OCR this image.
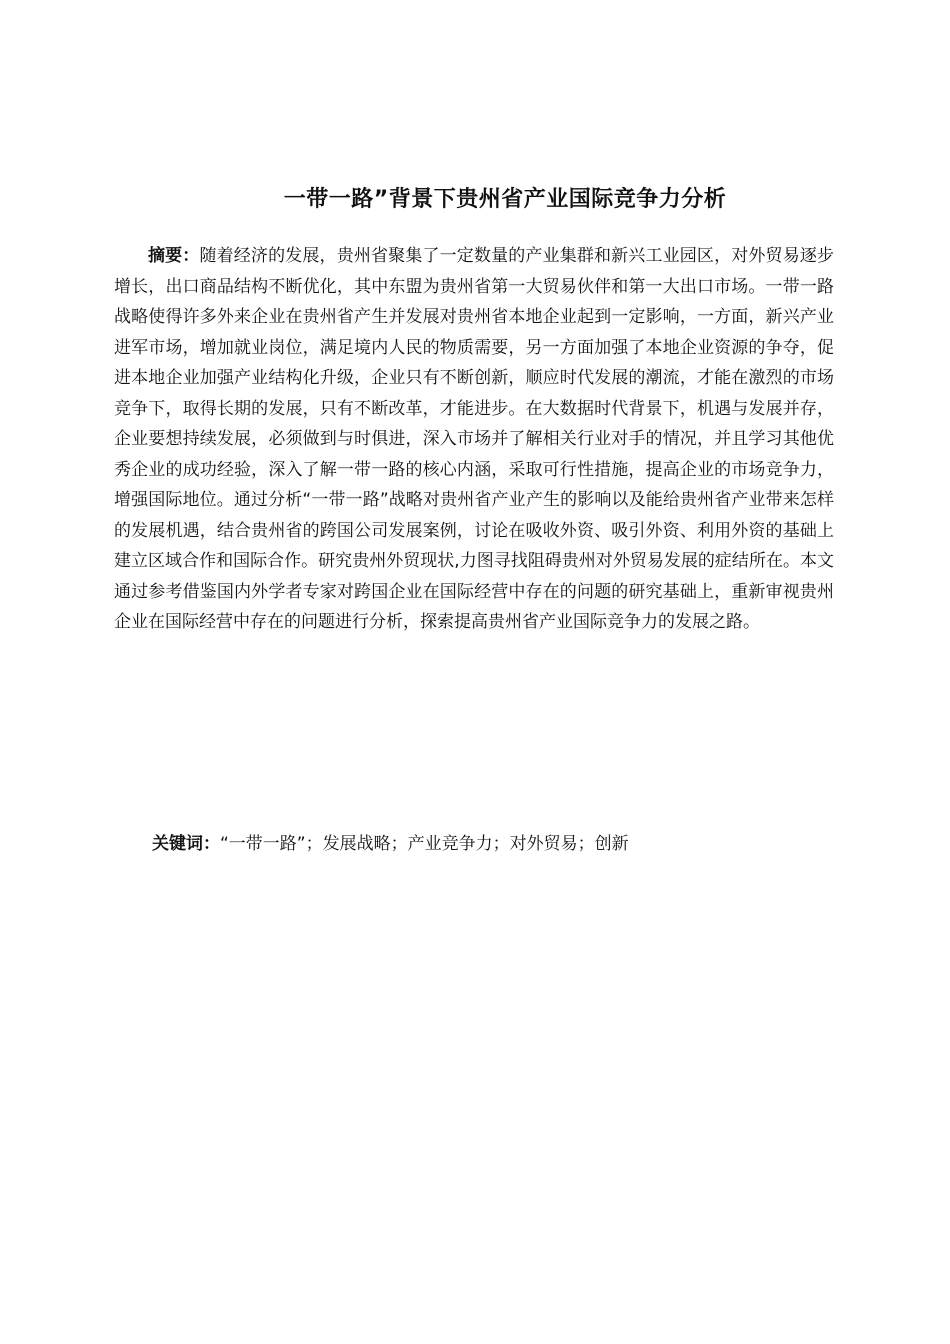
一带一路”背景下贵州省产业国际竞争力分析

摘要：随着经济的发展，贵州省聚集了一定数量的产业集群和新兴工业园区，对外贸易逐步增长，出口商品结构不断优化，其中东盟为贵州省第一大贸易伙伴和第一大出口市场。一带一路战略使得许多外来企业在贵州省产生并发展对贵州省本地企业起到一定影响，一方面，新兴产业进军市场，增加就业岗位，满足境内人民的物质需要，另一方面加强了本地企业资源的争夺，促进本地企业加强产业结构化升级，企业只有不断创新，顺应时代发展的潮流，才能在激烈的市场竞争下，取得长期的发展，只有不断改革，才能进步。在大数据时代背景下，机遇与发展并存，企业要想持续发展，必须做到与时俱进，深入市场并了解相关行业对手的情况，并且学习其他优秀企业的成功经验，深入了解一带一路的核心内涵，采取可行性措施，提高企业的市场竞争力，增强国际地位。通过分析“一带一路”战略对贵州省产业产生的影响以及能给贵州省产业带来怎样的发展机遇，结合贵州省的跨国公司发展案例，讨论在吸收外资、吸引外资、利用外资的基础上建立区域合作和国际合作。研究贵州外贸现状,力图寻找阻碍贵州对外贸易发展的症结所在。本文通过参考借鉴国内外学者专家对跨国企业在国际经营中存在的问题的研究基础上，重新审视贵州企业在国际经营中存在的问题进行分析，探索提高贵州省产业国际竞争力的发展之路。

关键词：“一带一路”；发展战略；产业竞争力；对外贸易；创新
